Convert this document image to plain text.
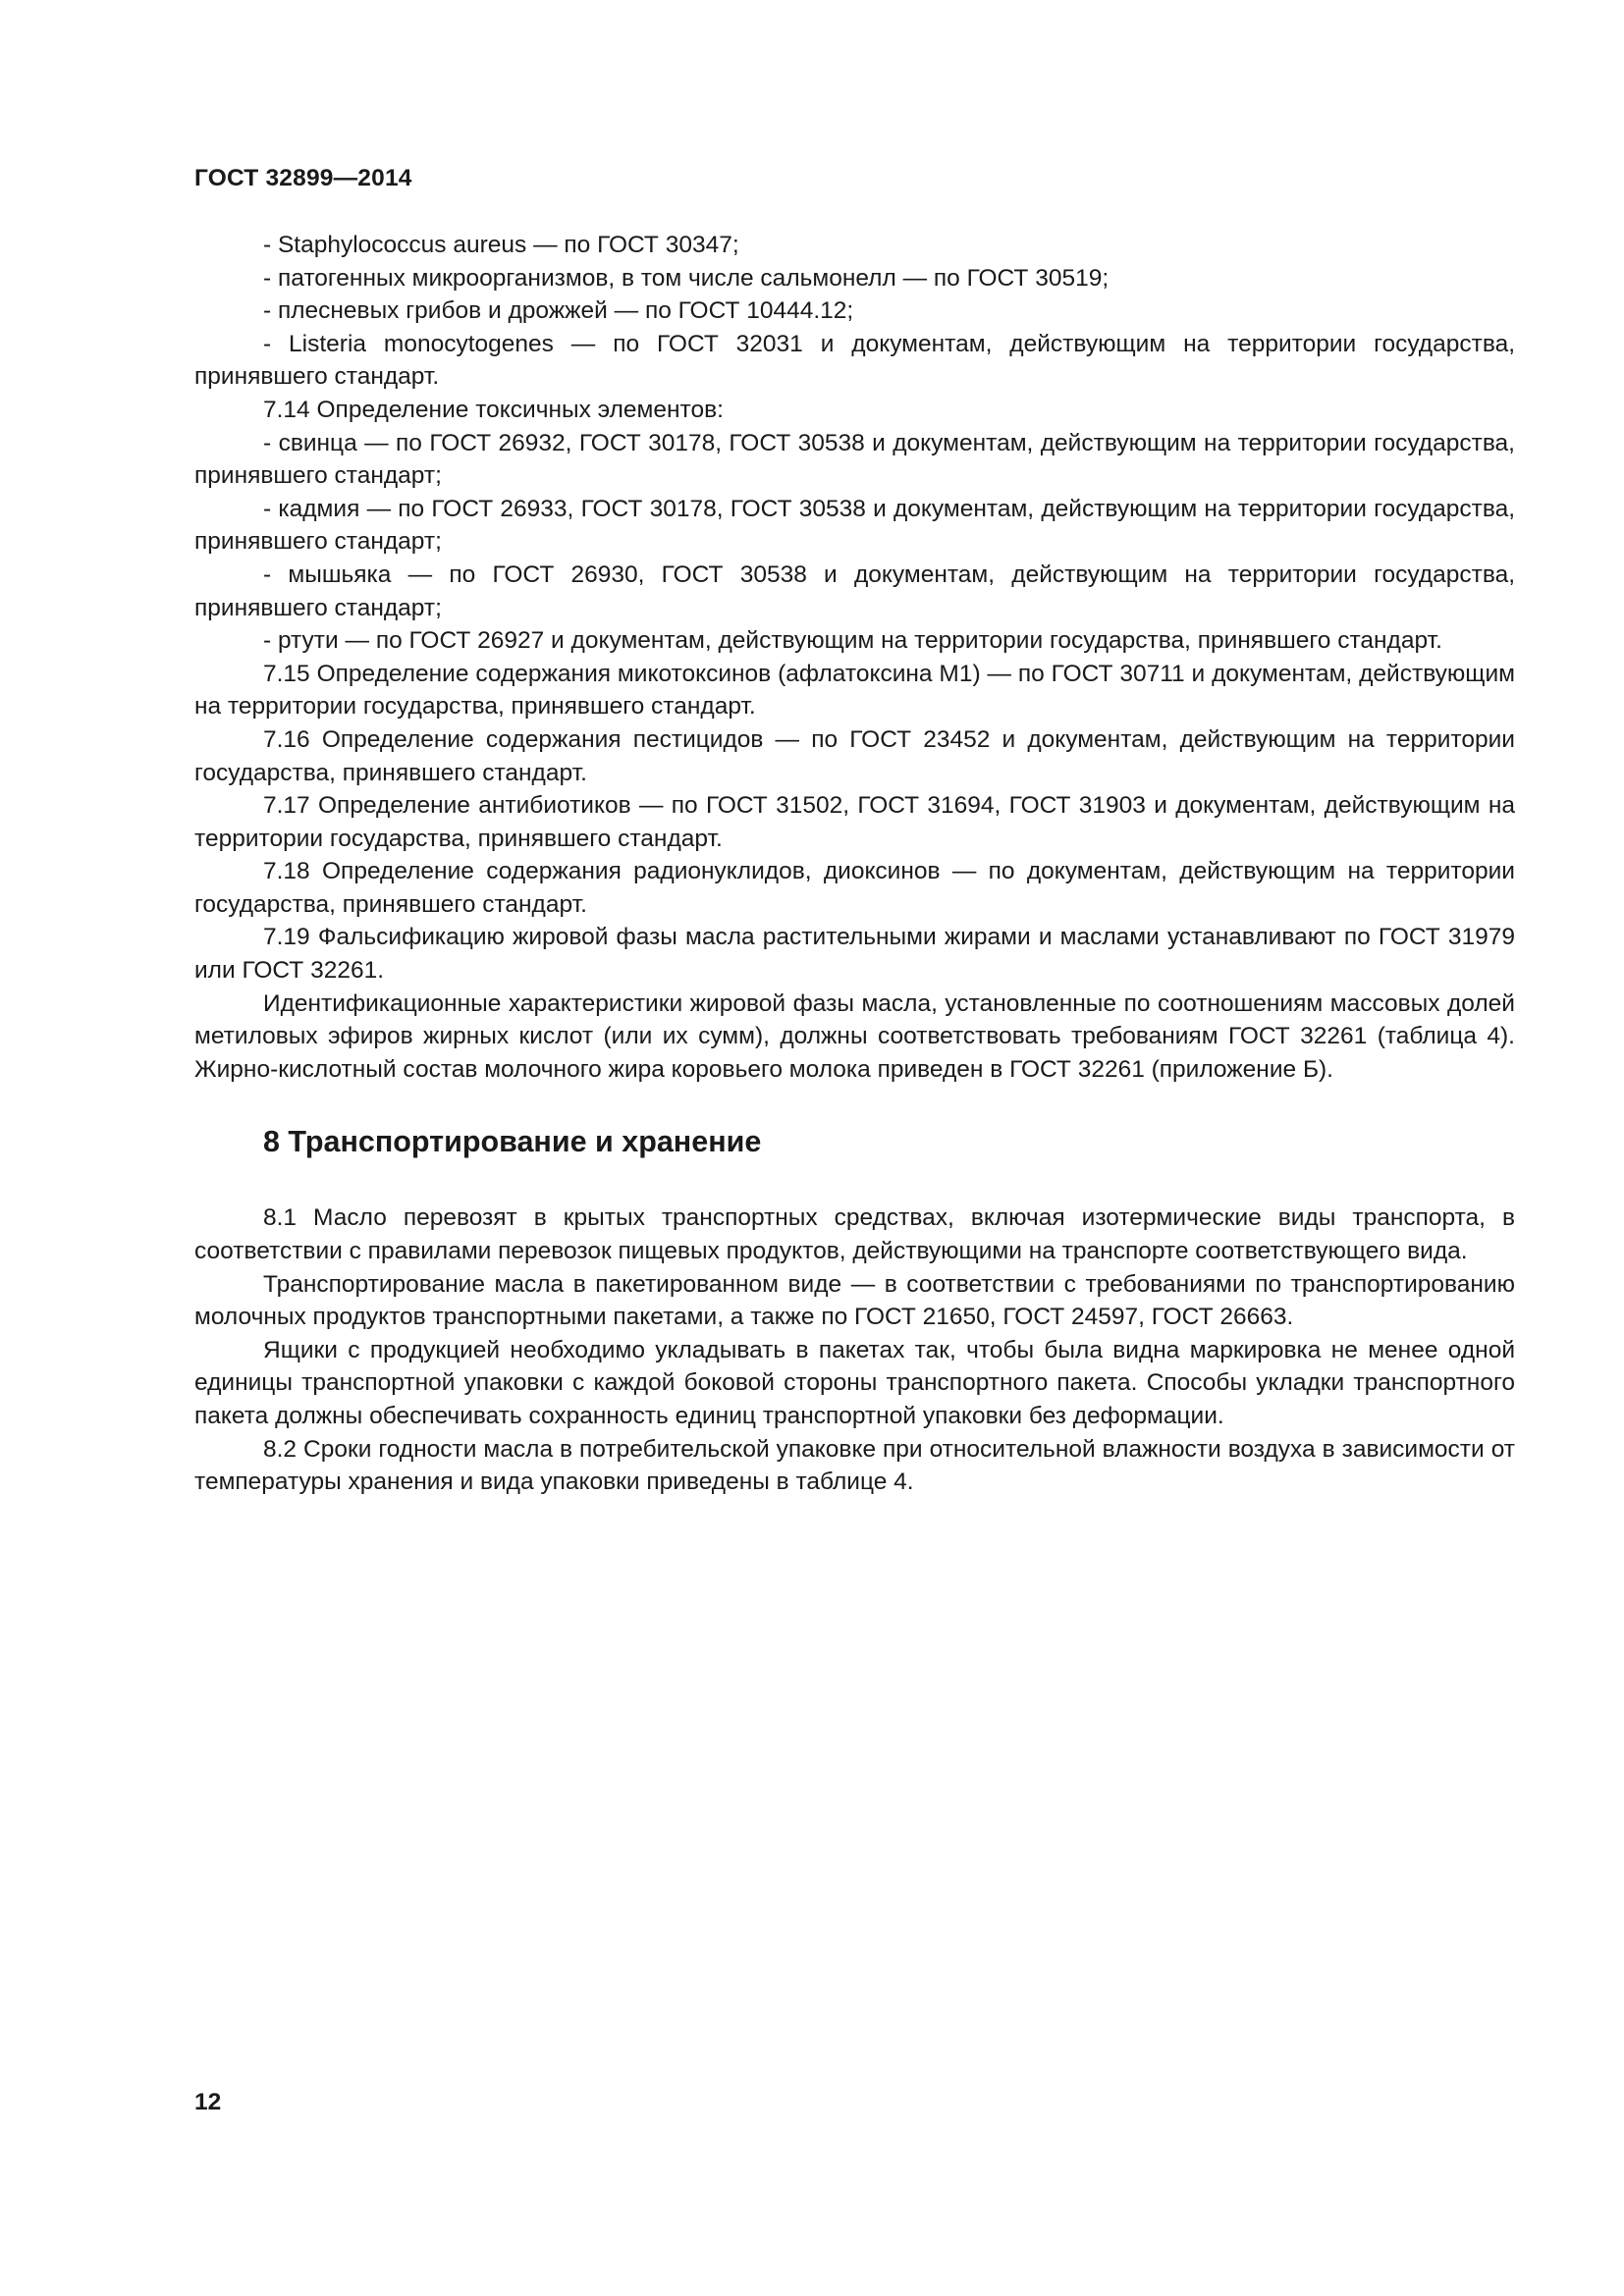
ГОСТ 32899—2014

- Staphylococcus aureus — по ГОСТ 30347;

- патогенных микроорганизмов, в том числе сальмонелл — по ГОСТ 30519;

- плесневых грибов и дрожжей — по ГОСТ 10444.12;

- Listeria monocytogenes — по ГОСТ 32031 и документам, действующим на территории государства, принявшего стандарт.

7.14 Определение токсичных элементов:

- свинца — по ГОСТ 26932, ГОСТ 30178, ГОСТ 30538 и документам, действующим на территории государства, принявшего стандарт;

- кадмия — по ГОСТ 26933, ГОСТ 30178, ГОСТ 30538 и документам, действующим на территории государства, принявшего стандарт;

- мышьяка — по ГОСТ 26930, ГОСТ 30538 и документам, действующим на территории государства, принявшего стандарт;

- ртути — по ГОСТ 26927 и документам, действующим на территории государства, принявшего стандарт.

7.15 Определение содержания микотоксинов (афлатоксина М1) — по ГОСТ 30711 и документам, действующим на территории государства, принявшего стандарт.

7.16 Определение содержания пестицидов — по ГОСТ 23452 и документам, действующим на территории государства, принявшего стандарт.

7.17 Определение антибиотиков — по ГОСТ 31502, ГОСТ 31694, ГОСТ 31903 и документам, действующим на территории государства, принявшего стандарт.

7.18 Определение содержания радионуклидов, диоксинов — по документам, действующим на территории государства, принявшего стандарт.

7.19 Фальсификацию жировой фазы масла растительными жирами и маслами устанавливают по ГОСТ 31979 или ГОСТ 32261.

Идентификационные характеристики жировой фазы масла, установленные по соотношениям массовых долей метиловых эфиров жирных кислот (или их сумм), должны соответствовать требованиям ГОСТ 32261 (таблица 4). Жирно-кислотный состав молочного жира коровьего молока приведен в ГОСТ 32261 (приложение Б).

8 Транспортирование и хранение

8.1 Масло перевозят в крытых транспортных средствах, включая изотермические виды транспорта, в соответствии с правилами перевозок пищевых продуктов, действующими на транспорте соответствующего вида.

Транспортирование масла в пакетированном виде — в соответствии с требованиями по транспортированию молочных продуктов транспортными пакетами, а также по ГОСТ 21650, ГОСТ 24597, ГОСТ 26663.

Ящики с продукцией необходимо укладывать в пакетах так, чтобы была видна маркировка не менее одной единицы транспортной упаковки с каждой боковой стороны транспортного пакета. Способы укладки транспортного пакета должны обеспечивать сохранность единиц транспортной упаковки без деформации.

8.2 Сроки годности масла в потребительской упаковке при относительной влажности воздуха в зависимости от температуры хранения и вида упаковки приведены в таблице 4.

12
